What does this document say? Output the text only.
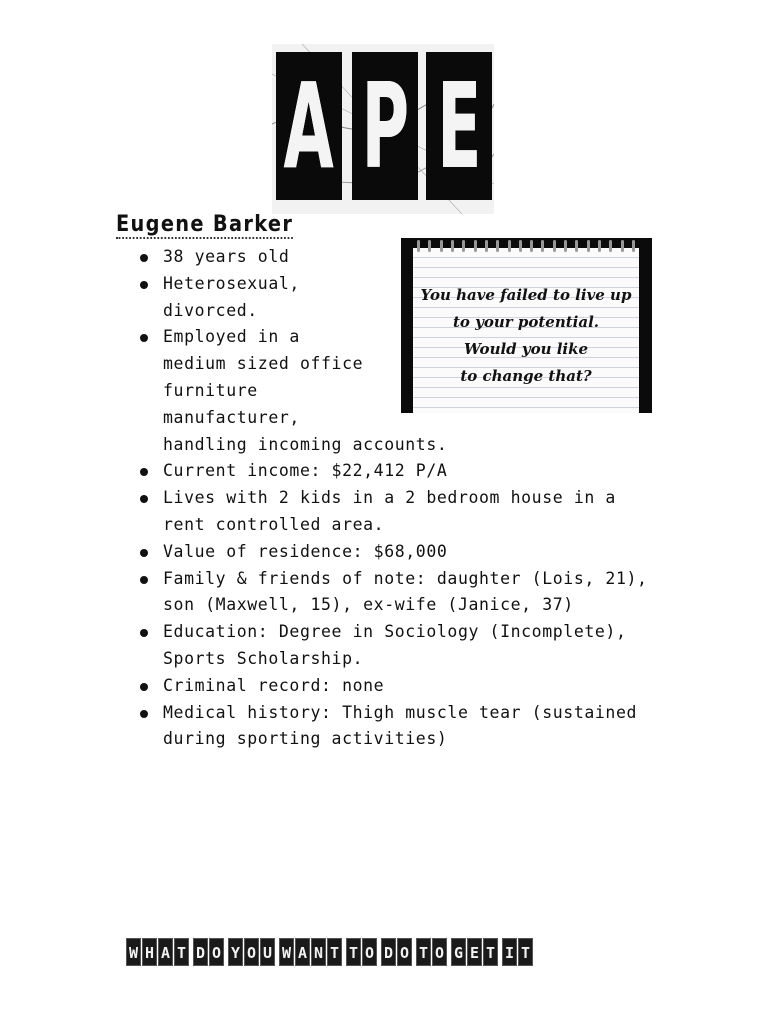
A P E
Eugene Barker
You have failed to live up
to your potential.
Would you like
to change that?
38 years old
Heterosexual,
divorced.
Employed in a
medium sized office
furniture
manufacturer,
handling incoming accounts.
Current income: $22,412 P/A
Lives with 2 kids in a 2 bedroom house in a
rent controlled area.
Value of residence: $68,000
Family & friends of note: daughter (Lois, 21),
son (Maxwell, 15), ex-wife (Janice, 37)
Education: Degree in Sociology (Incomplete),
Sports Scholarship.
Criminal record: none
Medical history: Thigh muscle tear (sustained
during sporting activities)
W H A T D O Y O U W A N T T O D O T O G E T I T
